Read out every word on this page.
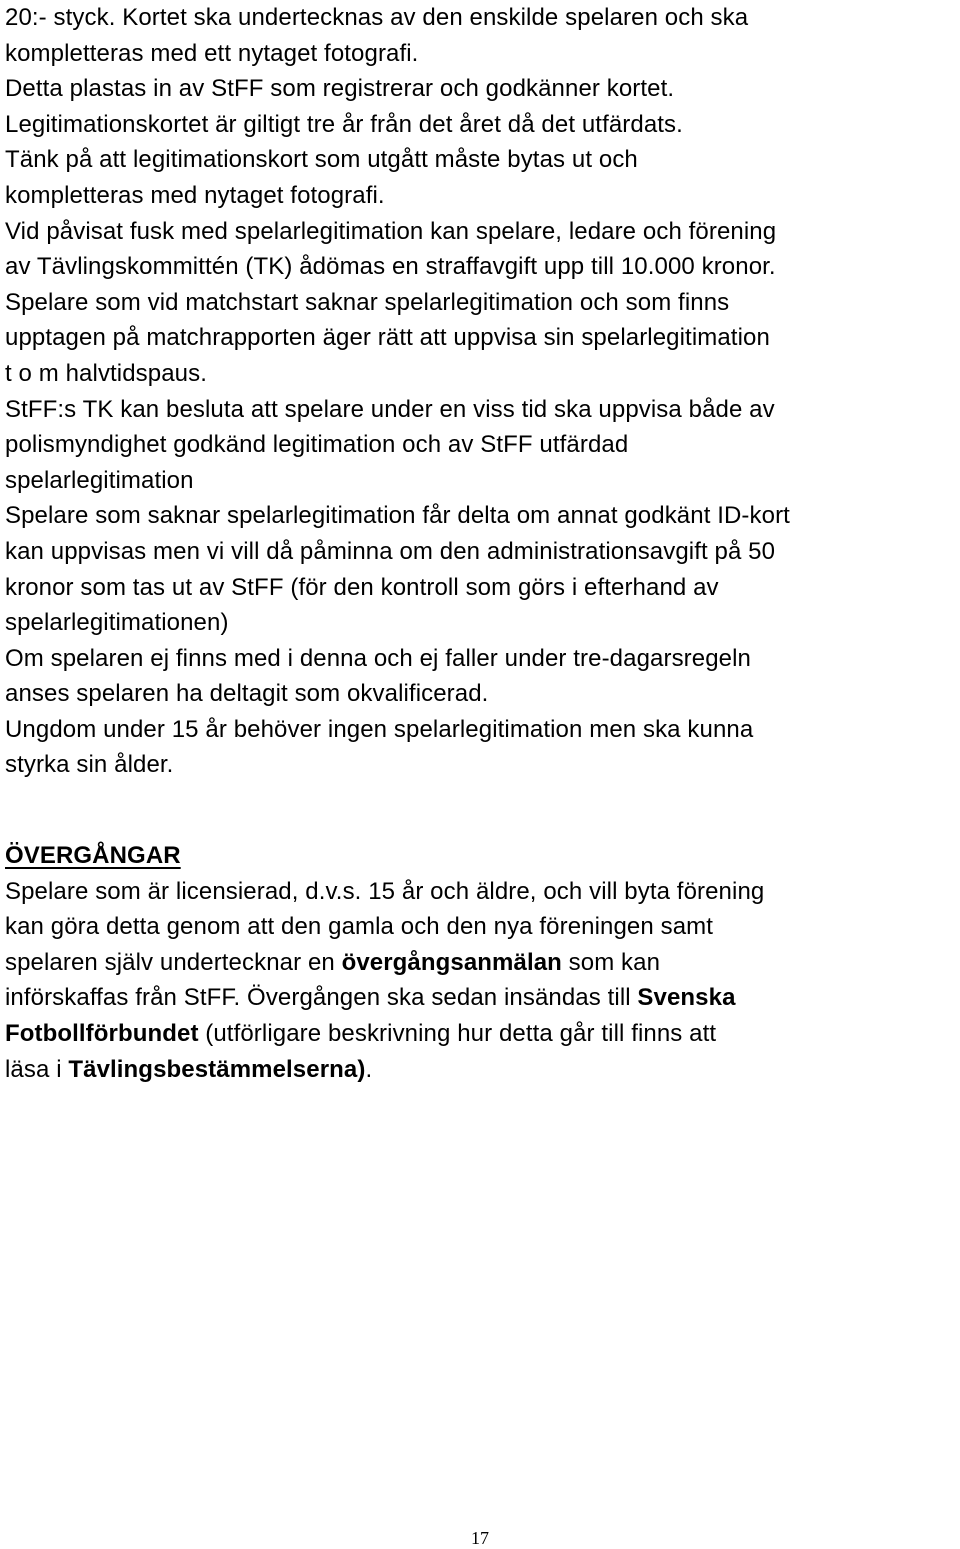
20:- styck. Kortet ska undertecknas av den enskilde spelaren och ska
kompletteras med ett nytaget fotografi.
Detta plastas in av StFF som registrerar och godkänner kortet.
Legitimationskortet är giltigt tre år från det året då det utfärdats.
Tänk på att legitimationskort som utgått måste bytas ut och
kompletteras med nytaget fotografi.
Vid påvisat fusk med spelarlegitimation kan spelare, ledare och förening
av Tävlingskommittén (TK) ådömas en straffavgift upp till 10.000 kronor.
Spelare som vid matchstart saknar spelarlegitimation och som finns
upptagen på matchrapporten äger rätt att uppvisa sin spelarlegitimation
t o m halvtidspaus.
StFF:s TK kan besluta att spelare under en viss tid ska uppvisa både av
polismyndighet godkänd legitimation och av StFF utfärdad
spelarlegitimation
Spelare som saknar spelarlegitimation får delta om annat godkänt ID-kort
kan uppvisas men vi vill då påminna om den administrationsavgift på 50
kronor som tas ut av StFF (för den kontroll som görs i efterhand av
spelarlegitimationen)
Om spelaren ej finns med i denna och ej faller under tre-dagarsregeln
anses spelaren ha deltagit som okvalificerad.
Ungdom under 15 år behöver ingen spelarlegitimation men ska kunna
styrka sin ålder.
ÖVERGÅNGAR
Spelare som är licensierad, d.v.s. 15 år och äldre, och vill byta förening
kan göra detta genom att den gamla och den nya föreningen samt
spelaren själv undertecknar en övergångsanmälan som kan
införskaffas från StFF. Övergången ska sedan insändas till Svenska
Fotbollförbundet (utförligare beskrivning hur detta går till finns att
läsa i Tävlingsbestämmelserna).
17
